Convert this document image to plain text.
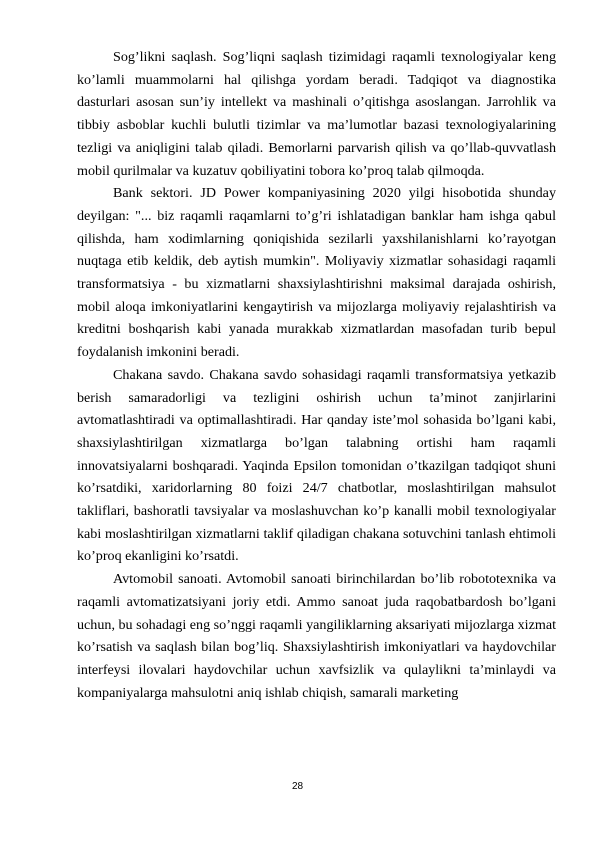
Sog’likni saqlash. Sog’liqni saqlash tizimidagi raqamli texnologiyalar keng ko’lamli muammolarni hal qilishga yordam beradi. Tadqiqot va diagnostika dasturlari asosan sun’iy intellekt va mashinali o’qitishga asoslangan. Jarrohlik va tibbiy asboblar kuchli bulutli tizimlar va ma’lumotlar bazasi texnologiyalarining tezligi va aniqligini talab qiladi. Bemorlarni parvarish qilish va qo’llab-quvvatlash mobil qurilmalar va kuzatuv qobiliyatini tobora ko’proq talab qilmoqda.

Bank sektori. JD Power kompaniyasining 2020 yilgi hisobotida shunday deyilgan: "... biz raqamli raqamlarni to’g’ri ishlatadigan banklar ham ishga qabul qilishda, ham xodimlarning qoniqishida sezilarli yaxshilanishlarni ko’rayotgan nuqtaga etib keldik, deb aytish mumkin". Moliyaviy xizmatlar sohasidagi raqamli transformatsiya - bu xizmatlarni shaxsiylashtirishni maksimal darajada oshirish, mobil aloqa imkoniyatlarini kengaytirish va mijozlarga moliyaviy rejalashtirish va kreditni boshqarish kabi yanada murakkab xizmatlardan masofadan turib bepul foydalanish imkonini beradi.

Chakana savdo. Chakana savdo sohasidagi raqamli transformatsiya yetkazib berish samaradorligi va tezligini oshirish uchun ta’minot zanjirlarini avtomatlashtiradi va optimallashtiradi. Har qanday iste’mol sohasida bo’lgani kabi, shaxsiylashtirilgan xizmatlarga bo’lgan talabning ortishi ham raqamli innovatsiyalarni boshqaradi. Yaqinda Epsilon tomonidan o’tkazilgan tadqiqot shuni ko’rsatdiki, xaridorlarning 80 foizi 24/7 chatbotlar, moslashtirilgan mahsulot takliflari, bashoratli tavsiyalar va moslashuvchan ko’p kanalli mobil texnologiyalar kabi moslashtirilgan xizmatlarni taklif qiladigan chakana sotuvchini tanlash ehtimoli ko’proq ekanligini ko’rsatdi.

Avtomobil sanoati. Avtomobil sanoati birinchilardan bo’lib robototexnika va raqamli avtomatizatsiyani joriy etdi. Ammo sanoat juda raqobatbardosh bo’lgani uchun, bu sohadagi eng so’nggi raqamli yangiliklarning aksariyati mijozlarga xizmat ko’rsatish va saqlash bilan bog’liq. Shaxsiylashtirish imkoniyatlari va haydovchilar interfeysi ilovalari haydovchilar uchun xavfsizlik va qulaylikni ta’minlaydi va kompaniyalarga mahsulotni aniq ishlab chiqish, samarali marketing

28
